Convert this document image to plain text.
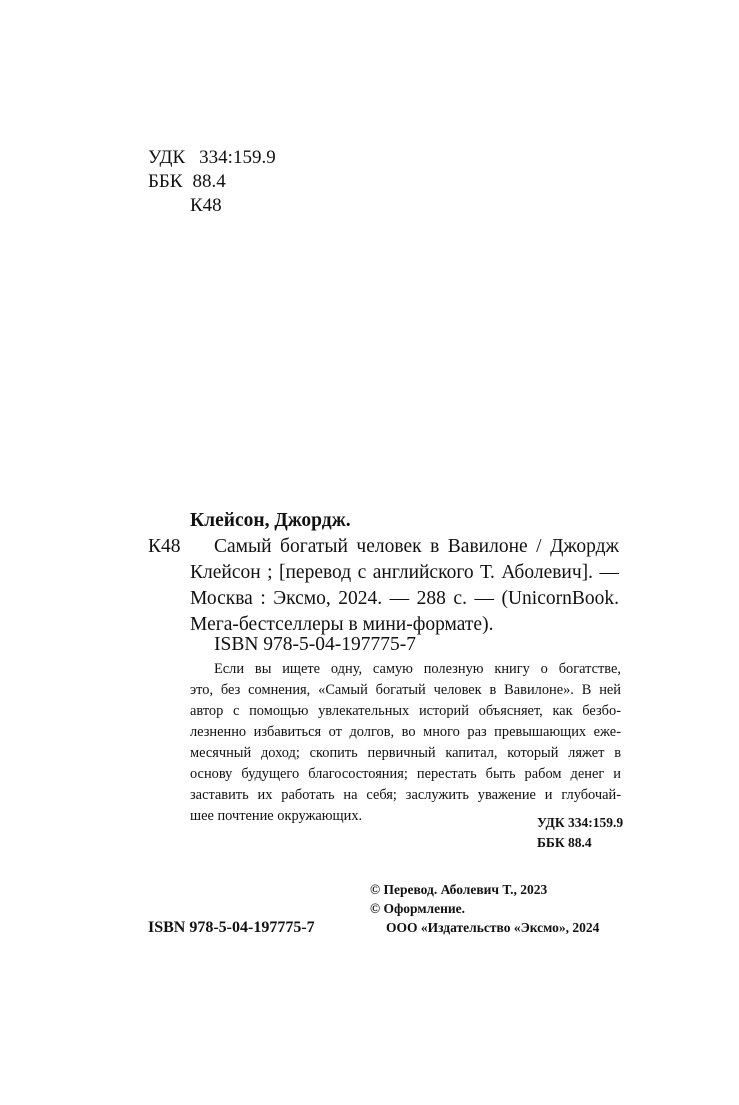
УДК 334:159.9
ББК 88.4
К48
Клейсон, Джордж.
К48 Самый богатый человек в Вавилоне / Джордж
Клейсон ; [перевод с английского Т. Аболевич]. —
Москва : Эксмо, 2024. — 288 с. — (UnicornBook.
Мега-бестселлеры в мини-формате).
ISBN 978-5-04-197775-7
Если вы ищете одну, самую полезную книгу о богатстве,
это, без сомнения, «Самый богатый человек в Вавилоне». В ней
автор с помощью увлекательных историй объясняет, как безбо-
лезненно избавиться от долгов, во много раз превышающих еже-
месячный доход; скопить первичный капитал, который ляжет в
основу будущего благосостояния; перестать быть рабом денег и
заставить их работать на себя; заслужить уважение и глубочай-
шее почтение окружающих.	УДК 334:159.9
ББК 88.4
© Перевод. Аболевич Т., 2023
© Оформление.
ООО «Издательство «Эксмо», 2024
ISBN 978-5-04-197775-7
